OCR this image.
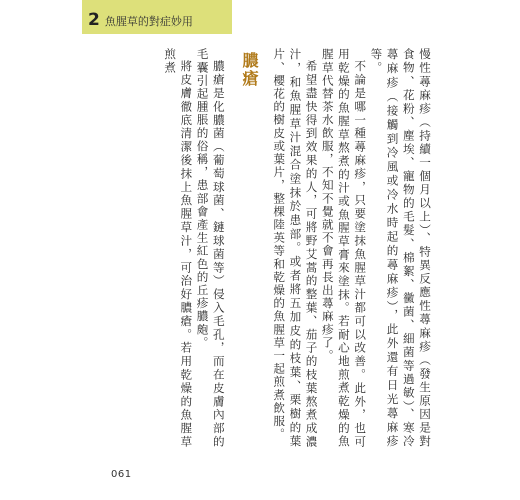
2 魚腥草的對症妙用

慢性蕁麻疹（持續一個月以上）、特異反應性蕁麻疹（發生原因是對食物、花粉、塵埃、寵物的毛髮、棉絮、黴菌、細菌等過敏）、寒冷蕁麻疹（接觸到冷風或冷水時起的蕁麻疹），此外還有日光蕁麻疹等。

不論是哪一種蕁麻疹，只要塗抹魚腥草汁都可以改善。此外，也可用乾燥的魚腥草熬煮的汁或魚腥草膏來塗抹。若耐心地煎煮乾燥的魚腥草代替茶水飲服，不知不覺就不會再長出蕁麻疹了。

希望盡快得到效果的人，可將野艾蒿的整葉、茄子的枝葉熬煮成濃汁，和魚腥草汁混合塗抹於患部。或者將五加皮的枝葉、栗樹的葉片、櫻花的樹皮或葉片，整棵陸英等和乾燥的魚腥草一起煎煮飲服。

膿瘡

膿瘡是化膿菌（葡萄球菌、鏈球菌等）侵入毛孔，而在皮膚內部的毛囊引起腫脹的俗稱，患部會產生紅色的丘疹膿皰。

將皮膚徹底清潔後抹上魚腥草汁，可治好膿瘡。若用乾燥的魚腥草煎煮

061
